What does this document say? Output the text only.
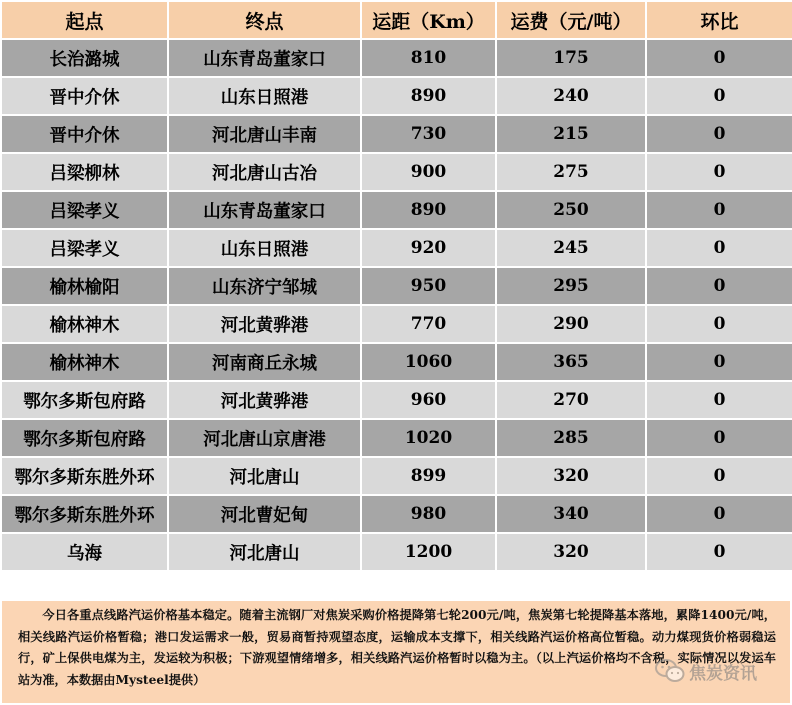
起点	终点	运距（Km）	运费（元/吨）	环比
长治潞城	山东青岛董家口	810	175	0
晋中介休	山东日照港	890	240	0
晋中介休	河北唐山丰南	730	215	0
吕梁柳林	河北唐山古冶	900	275	0
吕梁孝义	山东青岛董家口	890	250	0
吕梁孝义	山东日照港	920	245	0
榆林榆阳	山东济宁邹城	950	295	0
榆林神木	河北黄骅港	770	290	0
榆林神木	河南商丘永城	1060	365	0
鄂尔多斯包府路	河北黄骅港	960	270	0
鄂尔多斯包府路	河北唐山京唐港	1020	285	0
鄂尔多斯东胜外环	河北唐山	899	320	0
鄂尔多斯东胜外环	河北曹妃甸	980	340	0
乌海	河北唐山	1200	320	0
今日各重点线路汽运价格基本稳定。随着主流钢厂对焦炭采购价格提降第七轮200元/吨，焦炭第七轮提降基本落地，累降1400元/吨，相关线路汽运价格暂稳；港口发运需求一般，贸易商暂持观望态度，运输成本支撑下，相关线路汽运价格高位暂稳。动力煤现货价格弱稳运行，矿上保供电煤为主，发运较为积极；下游观望情绪增多，相关线路汽运价格暂时以稳为主。（以上汽运价格均不含税，实际情况以发运车站为准，本数据由Mysteel提供）	焦炭资讯
